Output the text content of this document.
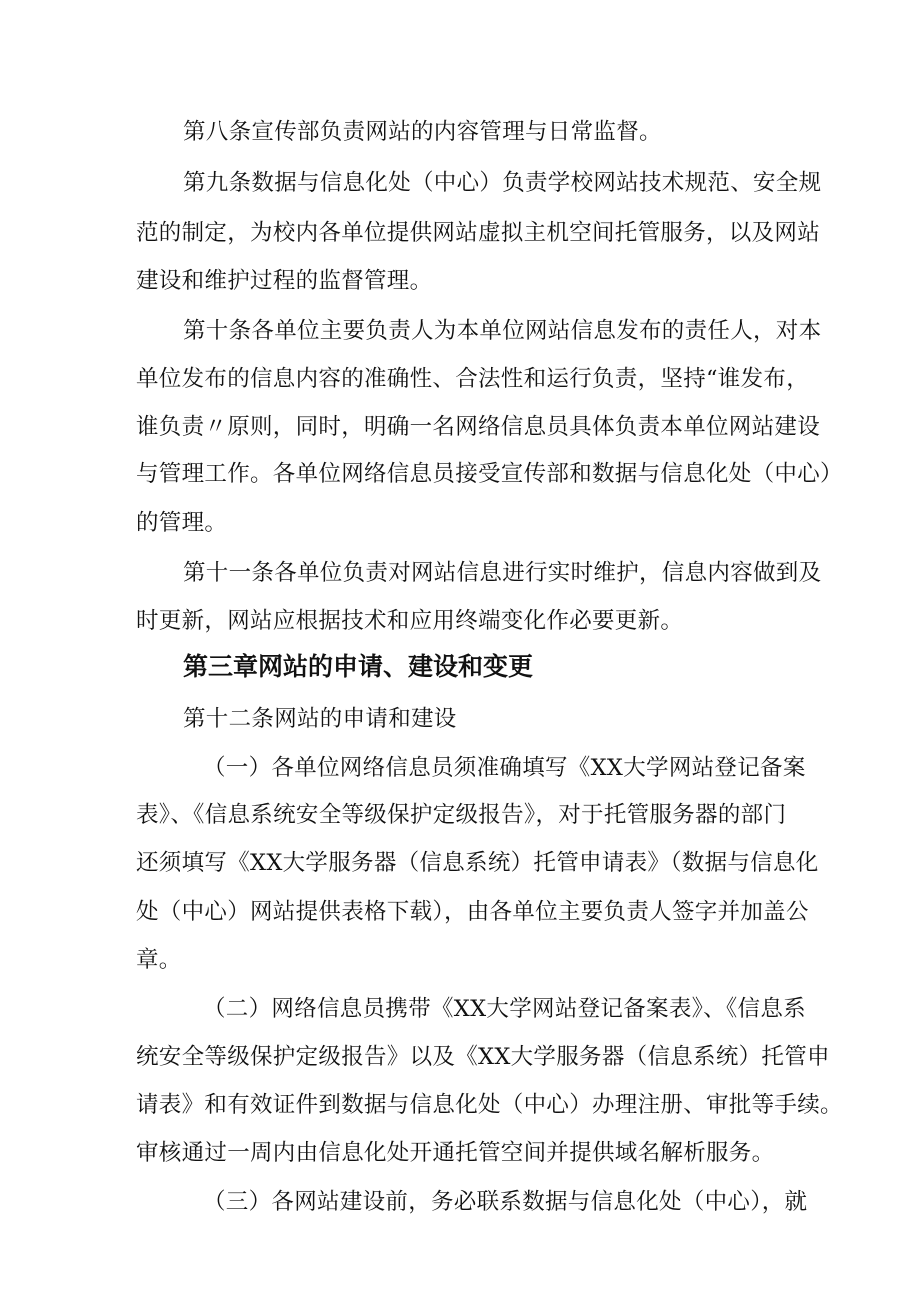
第八条宣传部负责网站的内容管理与日常监督。
第九条数据与信息化处（中心）负责学校网站技术规范、安全规
范的制定，为校内各单位提供网站虚拟主机空间托管服务，以及网站
建设和维护过程的监督管理。
第十条各单位主要负责人为本单位网站信息发布的责任人，对本
单位发布的信息内容的准确性、合法性和运行负责，坚持“谁发布，
谁负责〃原则，同时，明确一名网络信息员具体负责本单位网站建设
与管理工作。各单位网络信息员接受宣传部和数据与信息化处（中心）
的管理。
第十一条各单位负责对网站信息进行实时维护，信息内容做到及
时更新，网站应根据技术和应用终端变化作必要更新。
第三章网站的申请、建设和变更
第十二条网站的申请和建设
（一）各单位网络信息员须准确填写《XX大学网站登记备案
表》、《信息系统安全等级保护定级报告》，对于托管服务器的部门
还须填写《XX大学服务器（信息系统）托管申请表》（数据与信息化
处（中心）网站提供表格下载），由各单位主要负责人签字并加盖公
章。
（二）网络信息员携带《XX大学网站登记备案表》、《信息系
统安全等级保护定级报告》以及《XX大学服务器（信息系统）托管申
请表》和有效证件到数据与信息化处（中心）办理注册、审批等手续。
审核通过一周内由信息化处开通托管空间并提供域名解析服务。
（三）各网站建设前，务必联系数据与信息化处（中心），就
